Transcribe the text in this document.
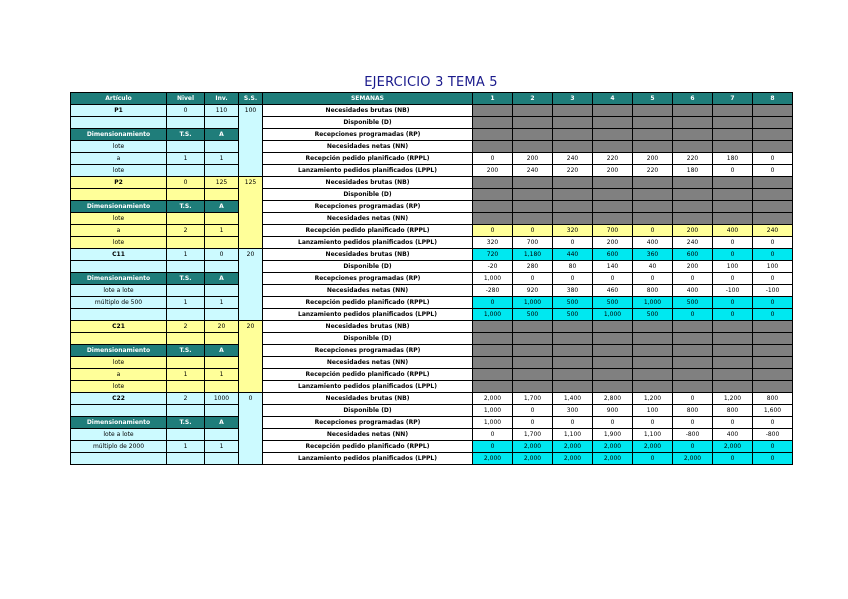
EJERCICIO 3 TEMA 5
Artículo	Nivel	Inv.	S.S.	SEMANAS	1	2	3	4	5	6	7	8
P1	0	110	100	Necesidades brutas (NB)								
				Disponible (D)								
Dimensionamiento	T.S.	A		Recepciones programadas (RP)								
lote				Necesidades netas (NN)								
a	1	1		Recepción pedido planificado (RPPL)	0	200	240	220	200	220	180	0
lote				Lanzamiento pedidos planificados (LPPL)	200	240	220	200	220	180	0	0
P2	0	125	125	Necesidades brutas (NB)								
				Disponible (D)								
Dimensionamiento	T.S.	A		Recepciones programadas (RP)								
lote				Necesidades netas (NN)								
a	2	1		Recepción pedido planificado (RPPL)	0	0	320	700	0	200	400	240
lote				Lanzamiento pedidos planificados (LPPL)	320	700	0	200	400	240	0	0
C11	1	0	20	Necesidades brutas (NB)	720	1,180	440	600	360	600	0	0
				Disponible (D)	-20	280	80	140	40	200	100	100
Dimensionamiento	T.S.	A		Recepciones programadas (RP)	1,000	0	0	0	0	0	0	0
lote a lote				Necesidades netas (NN)	-280	920	380	460	800	400	-100	-100
múltiplo de 500	1	1		Recepción pedido planificado (RPPL)	0	1,000	500	500	1,000	500	0	0
				Lanzamiento pedidos planificados (LPPL)	1,000	500	500	1,000	500	0	0	0
C21	2	20	20	Necesidades brutas (NB)								
				Disponible (D)								
Dimensionamiento	T.S.	A		Recepciones programadas (RP)								
lote				Necesidades netas (NN)								
a	1	1		Recepción pedido planificado (RPPL)								
lote				Lanzamiento pedidos planificados (LPPL)								
C22	2	1000	0	Necesidades brutas (NB)	2,000	1,700	1,400	2,800	1,200	0	1,200	800
				Disponible (D)	1,000	0	300	900	100	800	800	1,600
Dimensionamiento	T.S.	A		Recepciones programadas (RP)	1,000	0	0	0	0	0	0	0
lote a lote				Necesidades netas (NN)	0	1,700	1,100	1,900	1,100	-800	400	-800
múltiplo de 2000	1	1		Recepción pedido planificado (RPPL)	0	2,000	2,000	2,000	2,000	0	2,000	0
				Lanzamiento pedidos planificados (LPPL)	2,000	2,000	2,000	2,000	0	2,000	0	0
